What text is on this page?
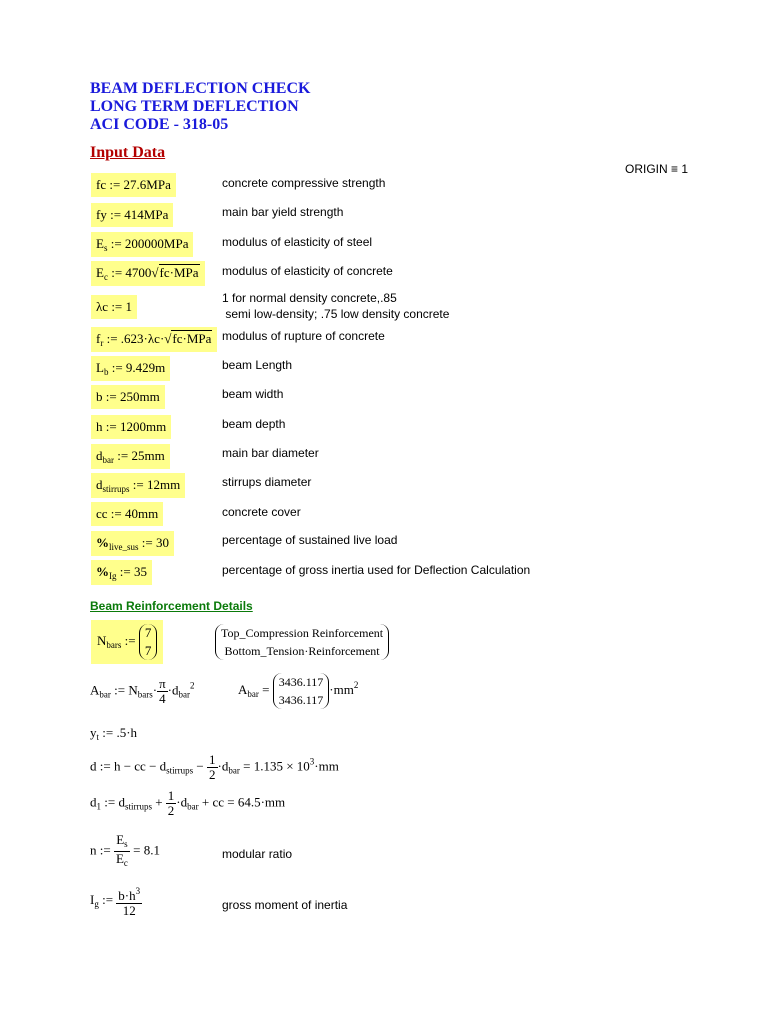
BEAM DEFLECTION CHECK
LONG TERM DEFLECTION
ACI CODE - 318-05
Input Data
ORIGIN ≡ 1
fc := 27.6MPa	concrete compressive strength
fy := 414MPa	main bar yield strength
$E_s$ := 200000MPa	modulus of elasticity of steel
$E_c$ := 4700√fc·MPa	modulus of elasticity of concrete
λc := 1
1 for normal density concrete,.85
semi low-density; .75 low density concrete
$f_r$ := .623·λc·√fc·MPa modulus of rupture of concrete
$L_b$ := 9.429m	beam Length
b := 250mm	beam width
h := 1200mm	beam depth
$d_{bar}$ := 25mm	main bar diameter
$d_{stirrups}$ := 12mm	stirrups diameter
cc := 40mm	concrete cover
$\%_{live\_sus}$ := 30	percentage of sustained live load
$\%_{Ig}$ := 35	percentage of gross inertia used for Deflection Calculation
Beam Reinforcement Details
$N_{bars}$ := 7
7
Top_Compression Reinforcement
Bottom_Tension·Reinforcement
$A_{bar}$ := $N_{bars}\cdot \frac{\pi}{4} \cdot d_{bar}^2$	$A_{bar} = 3436.117$
$3436.117\cdot mm^2$
$y_t$ := .5·h
d := h − cc − $d_{stirrups} - \frac{1}{2} \cdot d_{bar} = 1.135 \times 10^3\cdot mm$
$d_1$ := $d_{stirrups} + \frac{1}{2} \cdot d_{bar}$ + cc = 64.5·mm
n := $\frac{E_s}{E_c} = 8.1$	modular ratio
$I_g$ := $\frac{b\cdot h^3}{12}$	gross moment of inertia
